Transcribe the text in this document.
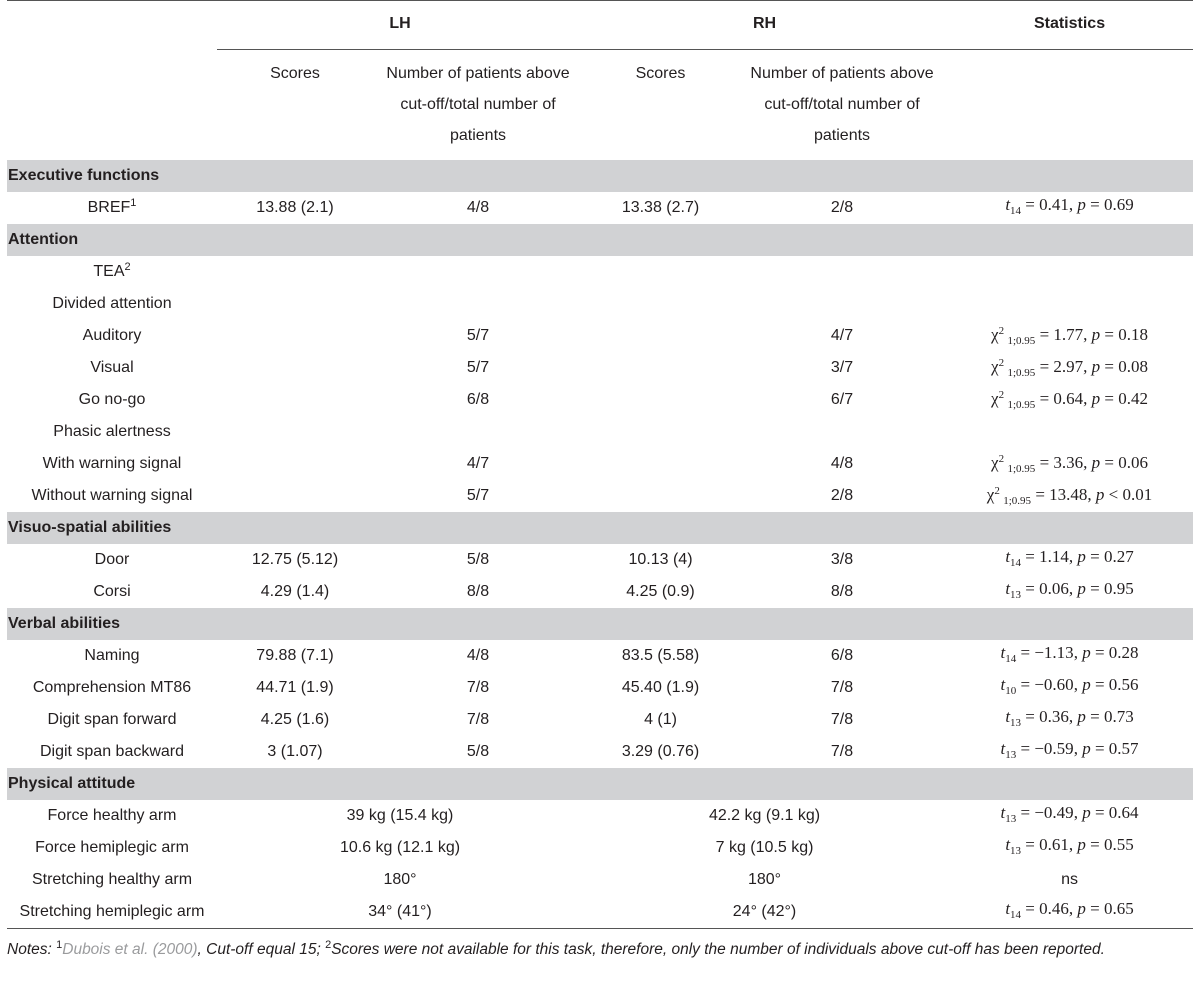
	LH		RH		Statistics
	Scores	Number of patients above cut-off/total number of patients	Scores	Number of patients above cut-off/total number of patients	
Executive functions					
BREF$^1$	13.88 (2.1)	4/8	13.38 (2.7)	2/8	$t_{14} = 0.41$, p = 0.69
Attention					
TEA$^2$					
Divided attention					
Auditory		5/7		4/7	$\chi^2$ $_{1;0.95}$ = 1.77, p = 0.18
Visual		5/7		3/7	$\chi^2$ $_{1;0.95}$ = 2.97, p = 0.08
Go no-go		6/8		6/7	$\chi^2$ $_{1;0.95}$ = 0.64, p = 0.42
Phasic alertness					
With warning signal		4/7		4/8	$\chi^2$ $_{1;0.95}$ = 3.36, p = 0.06
Without warning signal		5/7		2/8	$\chi^2$ $_{1;0.95}$ = 13.48, p < 0.01
Visuo-spatial abilities					
Door	12.75 (5.12)	5/8	10.13 (4)	3/8	$t_{14} = 1.14$, p = 0.27
Corsi	4.29 (1.4)	8/8	4.25 (0.9)	8/8	$t_{13} = 0.06$, p = 0.95
Verbal abilities					
Naming	79.88 (7.1)	4/8	83.5 (5.58)	6/8	$t_{14} = -1.13$, p = 0.28
Comprehension MT86	44.71 (1.9)	7/8	45.40 (1.9)	7/8	$t_{10} = -0.60$, p = 0.56
Digit span forward	4.25 (1.6)	7/8	4 (1)	7/8	$t_{13} = 0.36$, p = 0.73
Digit span backward	3 (1.07)	5/8	3.29 (0.76)	7/8	$t_{13} = -0.59$, p = 0.57
Physical attitude					
Force healthy arm	39 kg (15.4 kg)		42.2 kg (9.1 kg)		$t_{13} = -0.49$, p = 0.64
Force hemiplegic arm	10.6 kg (12.1 kg)		7 kg (10.5 kg)		$t_{13} = 0.61$, p = 0.55
Stretching healthy arm	180°		180°		ns
Stretching hemiplegic arm	34° (41°)		24° (42°)		$t_{14} = 0.46$, p = 0.65
Notes: $^1$Dubois et al. (2000), Cut-off equal 15; $^2$Scores were not available for this task, therefore, only the number of individuals above cut-off has been reported.
